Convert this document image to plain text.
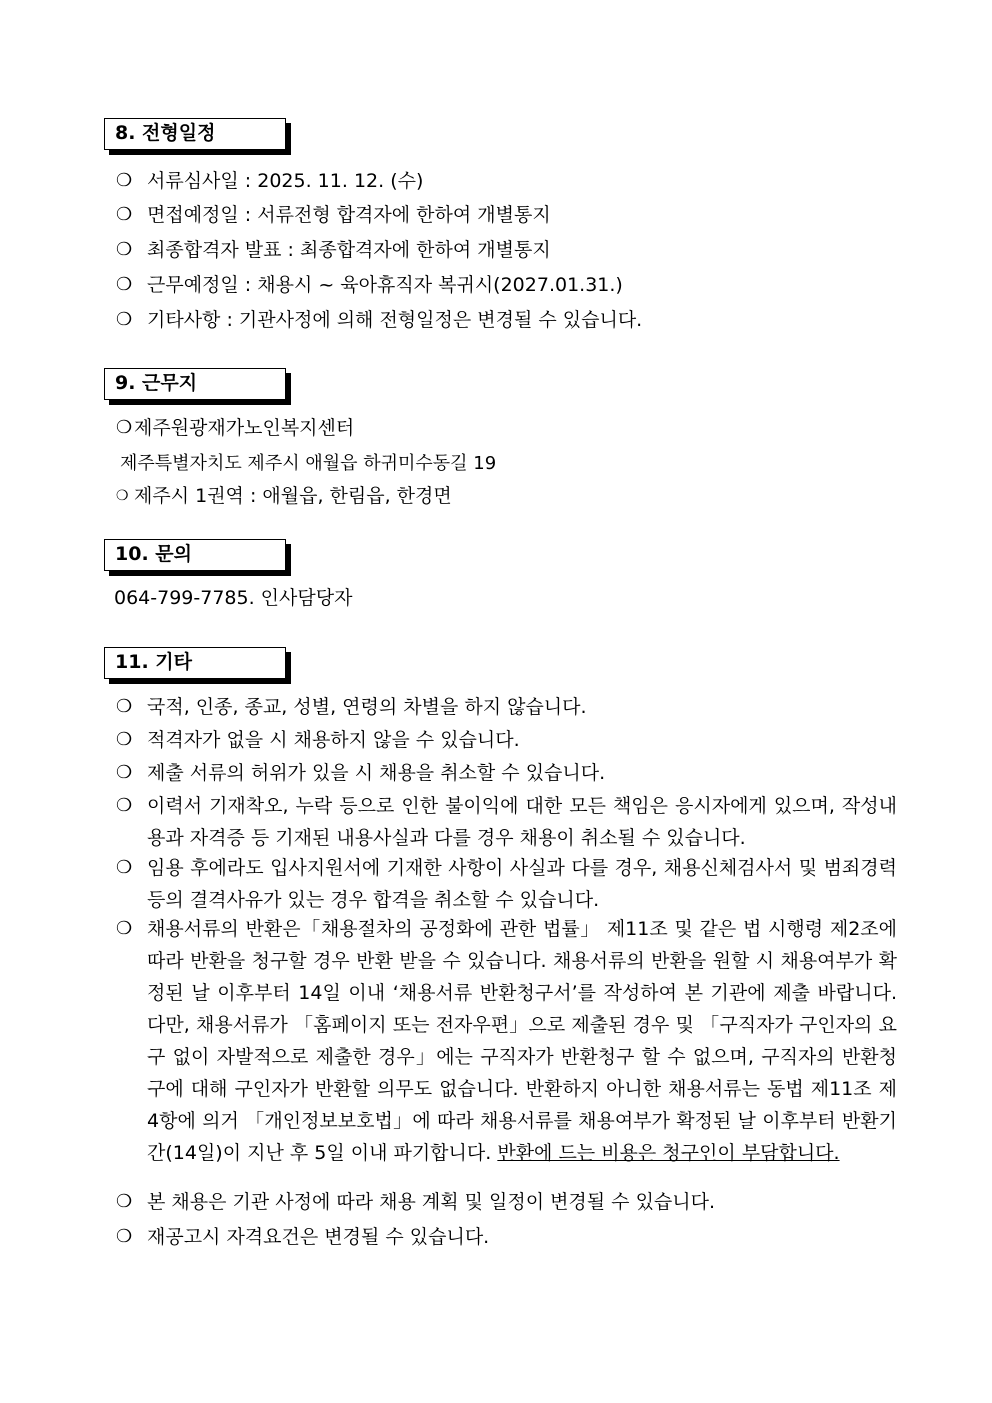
8. 전형일정
❍ 서류심사일 : 2025. 11. 12. (수)
❍ 면접예정일 : 서류전형 합격자에 한하여 개별통지
❍ 최종합격자 발표 : 최종합격자에 한하여 개별통지
❍ 근무예정일 : 채용시 ~ 육아휴직자 복귀시(2027.01.31.)
❍ 기타사항 : 기관사정에 의해 전형일정은 변경될 수 있습니다.
9. 근무지
❍ 제주원광재가노인복지센터
제주특별자치도 제주시 애월읍 하귀미수동길 19
❍ 제주시 1권역 : 애월읍, 한림읍, 한경면
10. 문의
064-799-7785. 인사담당자
11. 기타
❍ 국적, 인종, 종교, 성별, 연령의 차별을 하지 않습니다.
❍ 적격자가 없을 시 채용하지 않을 수 있습니다.
❍ 제출 서류의 허위가 있을 시 채용을 취소할 수 있습니다.
❍ 이력서 기재착오, 누락 등으로 인한 불이익에 대한 모든 책임은 응시자에게 있으며, 작성내용과 자격증 등 기재된 내용사실과 다를 경우 채용이 취소될 수 있습니다.
❍ 임용 후에라도 입사지원서에 기재한 사항이 사실과 다를 경우, 채용신체검사서 및 범죄경력 등의 결격사유가 있는 경우 합격을 취소할 수 있습니다.
❍ 채용서류의 반환은「채용절차의 공정화에 관한 법률」 제11조 및 같은 법 시행령 제2조에 따라 반환을 청구할 경우 반환 받을 수 있습니다. 채용서류의 반환을 원할 시 채용여부가 확정된 날 이후부터 14일 이내 ‘채용서류 반환청구서’를 작성하여 본 기관에 제출 바랍니다. 다만, 채용서류가 「홈페이지 또는 전자우편」으로 제출된 경우 및 「구직자가 구인자의 요구 없이 자발적으로 제출한 경우」에는 구직자가 반환청구 할 수 없으며, 구직자의 반환청구에 대해 구인자가 반환할 의무도 없습니다. 반환하지 아니한 채용서류는 동법 제11조 제4항에 의거 「개인정보보호법」에 따라 채용서류를 채용여부가 확정된 날 이후부터 반환기간(14일)이 지난 후 5일 이내 파기합니다. 반환에 드는 비용은 청구인이 부담합니다.
❍ 본 채용은 기관 사정에 따라 채용 계획 및 일정이 변경될 수 있습니다.
❍ 재공고시 자격요건은 변경될 수 있습니다.
